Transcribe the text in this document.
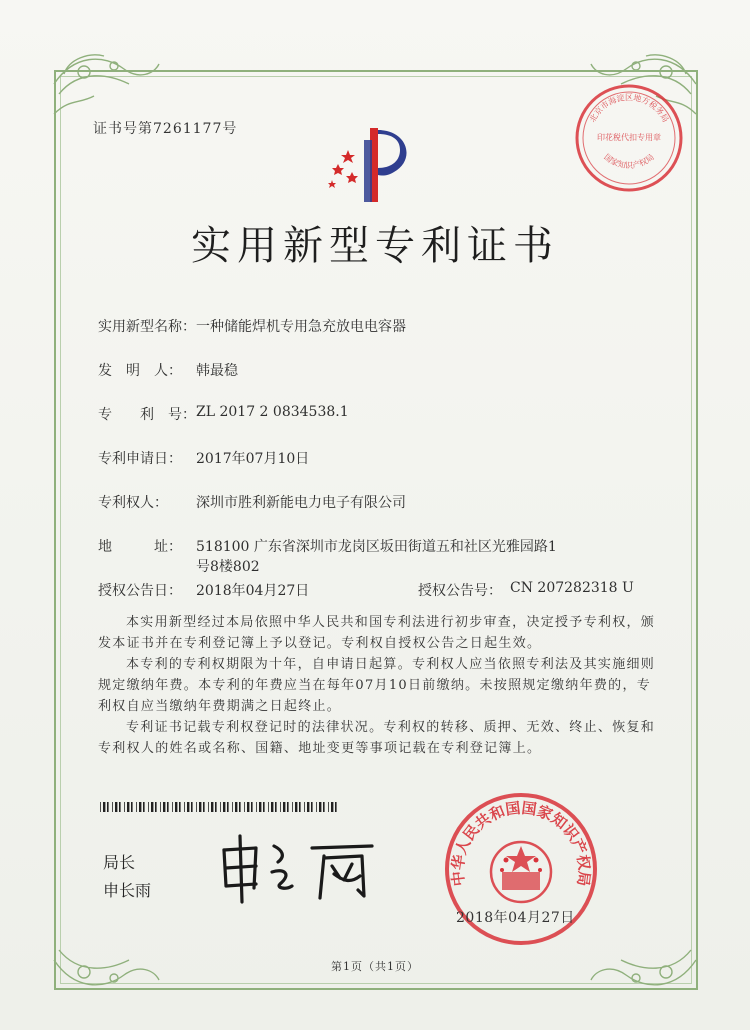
证书号第7261177号
实用新型专利证书
北京市海淀区地方税务局
印花税代扣专用章
国家知识产权局
实用新型名称： 一种储能焊机专用急充放电电容器
发　明　人： 韩最稳
专　　利　号： ZL 2017 2 0834538.1
专利申请日： 2017年07月10日
专利权人： 深圳市胜利新能电力电子有限公司
地　　　址： 518100 广东省深圳市龙岗区坂田街道五和社区光雅园路1
号8楼802
授权公告日： 2018年04月27日	授权公告号： CN 207282318 U

本实用新型经过本局依照中华人民共和国专利法进行初步审查，决定授予专利权，颁发本证书并在专利登记簿上予以登记。专利权自授权公告之日起生效。

本专利的专利权期限为十年，自申请日起算。专利权人应当依照专利法及其实施细则规定缴纳年费。本专利的年费应当在每年07月10日前缴纳。未按照规定缴纳年费的，专利权自应当缴纳年费期满之日起终止。

专利证书记载专利权登记时的法律状况。专利权的转移、质押、无效、终止、恢复和专利权人的姓名或名称、国籍、地址变更等事项记载在专利登记簿上。

局长
申长雨
中华人民共和国国家知识产权局
2018年04月27日
第1页（共1页）
